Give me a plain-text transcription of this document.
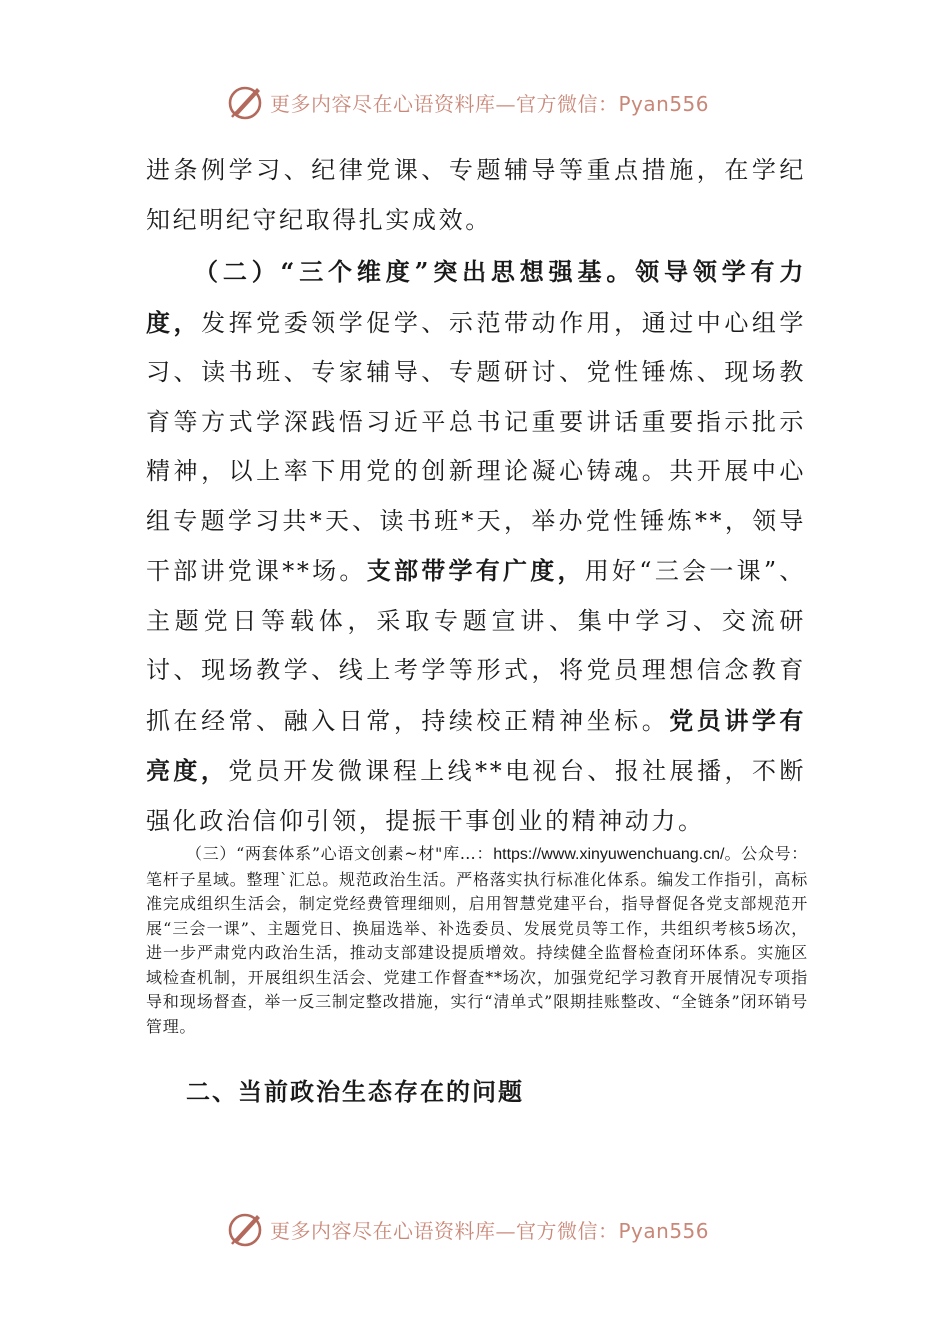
更多内容尽在心语资料库—官方微信：Pyan556
进条例学习、纪律党课、专题辅导等重点措施，在学纪知纪明纪守纪取得扎实成效。
（二）“三个维度”突出思想强基。领导领学有力度，发挥党委领学促学、示范带动作用，通过中心组学习、读书班、专家辅导、专题研讨、党性锤炼、现场教育等方式学深践悟习近平总书记重要讲话重要指示批示精神，以上率下用党的创新理论凝心铸魂。共开展中心组专题学习共*天、读书班*天，举办党性锤炼**，领导干部讲党课**场。支部带学有广度，用好“三会一课”、主题党日等载体，采取专题宣讲、集中学习、交流研讨、现场教学、线上考学等形式，将党员理想信念教育抓在经常、融入日常，持续校正精神坐标。党员讲学有亮度，党员开发微课程上线**电视台、报社展播，不断强化政治信仰引领，提振干事创业的精神动力。
（三）“两套体系”心语文创素~材"库…：https://www.xinyuwenchuang.cn/。公众号：笔杆子星域。整理`汇总。规范政治生活。严格落实执行标准化体系。编发工作指引，高标准完成组织生活会，制定党经费管理细则，启用智慧党建平台，指导督促各党支部规范开展“三会一课”、主题党日、换届选举、补选委员、发展党员等工作，共组织考核5场次，进一步严肃党内政治生活，推动支部建设提质增效。持续健全监督检查闭环体系。实施区域检查机制，开展组织生活会、党建工作督查**场次，加强党纪学习教育开展情况专项指导和现场督查，举一反三制定整改措施，实行“清单式”限期挂账整改、“全链条”闭环销号管理。
二、当前政治生态存在的问题
更多内容尽在心语资料库—官方微信：Pyan556
